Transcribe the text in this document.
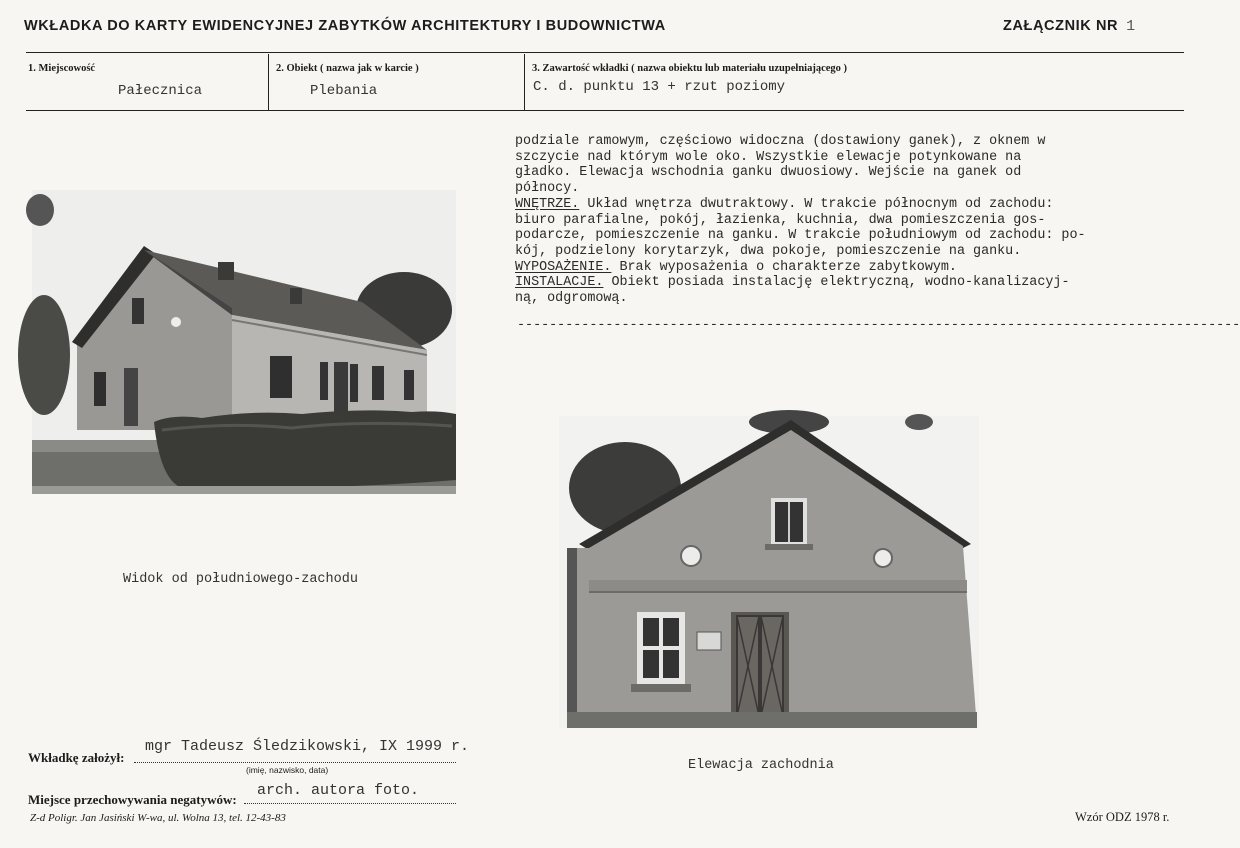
WKŁADKA DO KARTY EWIDENCYJNEJ ZABYTKÓW ARCHITEKTURY I BUDOWNICTWA	ZAŁĄCZNIK NR 1
1. Miejscowość
Pałecznica
2. Obiekt ( nazwa jak w karcie )
Plebania
3. Zawartość wkładki ( nazwa obiektu lub materiału uzupełniającego )
C. d. punktu 13 + rzut poziomy
podziale ramowym, częściowo widoczna (dostawiony ganek), z oknem w
szczycie nad którym wole oko. Wszystkie elewacje potynkowane na
gładko. Elewacja wschodnia ganku dwuosiowy. Wejście na ganek od
północy.
WNĘTRZE. Układ wnętrza dwutraktowy. W trakcie północnym od zachodu:
biuro parafialne, pokój, łazienka, kuchnia, dwa pomieszczenia gos-
podarcze, pomieszczenie na ganku. W trakcie południowym od zachodu: po-
kój, podzielony korytarzyk, dwa pokoje, pomieszczenie na ganku.
WYPOSAŻENIE. Brak wyposażenia o charakterze zabytkowym.
INSTALACJE. Obiekt posiada instalację elektryczną, wodno-kanalizacyj-
ną, odgromową.
------------------------------------------------------------------------------------------
Widok od południowego-zachodu
Elewacja zachodnia
Wkładkę założył:
mgr Tadeusz Śledzikowski, IX 1999 r.
(imię, nazwisko, data)
Miejsce przechowywania negatywów:
arch. autora foto.
Z-d Poligr. Jan Jasiński W-wa, ul. Wolna 13, tel. 12-43-83	Wzór ODZ 1978 r.
